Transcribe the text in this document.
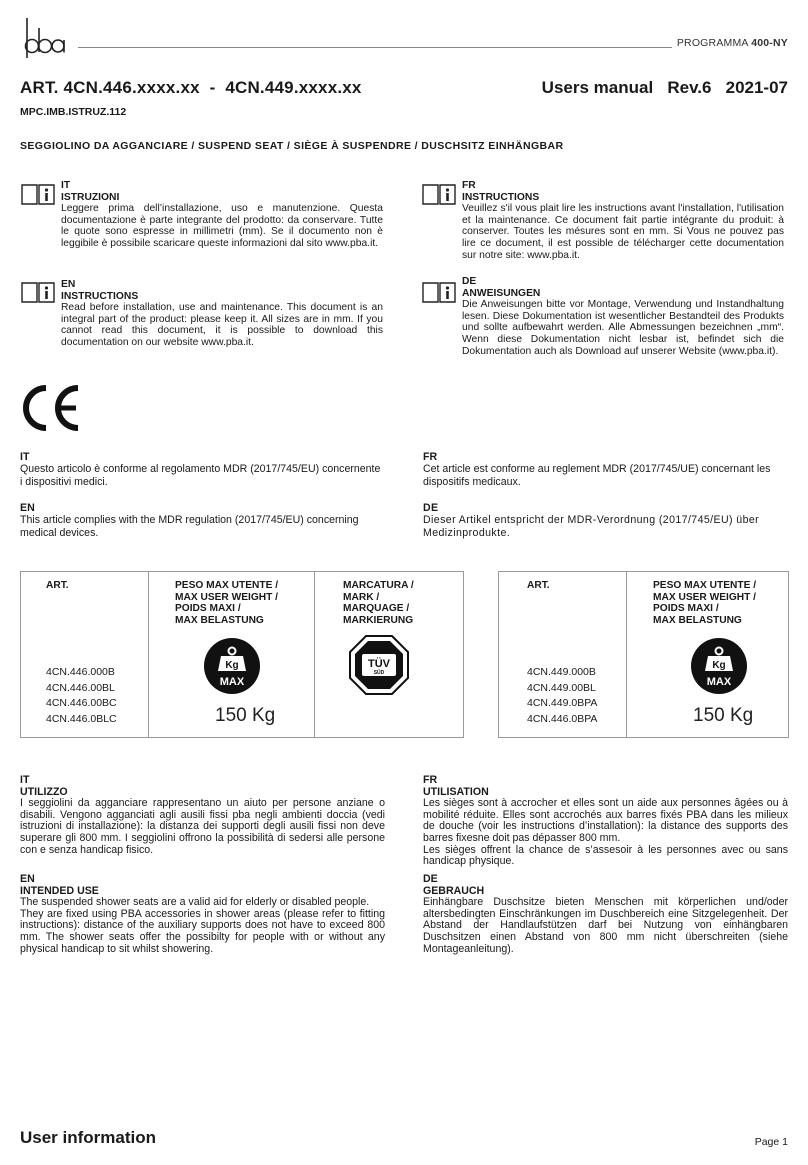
pba
PROGRAMMA 400-NY
ART. 4CN.446.xxxx.xx  -  4CN.449.xxxx.xx	Users manual   Rev.6   2021-07
MPC.IMB.ISTRUZ.112
SEGGIOLINO DA AGGANCIARE / SUSPEND SEAT / SIÈGE À SUSPENDRE / DUSCHSITZ EINHÄNGBAR
IT
ISTRUZIONI
Leggere prima dell’installazione, uso e manutenzione. Questa documentazione è parte integrante del prodotto: da conservare. Tutte le quote sono espresse in millimetri (mm). Se il documento non è leggibile è possibile scaricare queste informazioni dal sito www.pba.it.
FR
INSTRUCTIONS
Veuillez s'il vous plait lire les instructions avant l'installation, l'utilisation et la maintenance. Ce document fait partie intégrante du produit: à conserver. Toutes les mésures sont en mm. Si Vous ne pouvez pas lire ce document, il est possible de télécharger cette documentation sur notre site: www.pba.it.
EN
INSTRUCTIONS
Read before installation, use and maintenance. This document is an integral part of the product: please keep it. All sizes are in mm. If you cannot read this document, it is possible to download this documentation on our website www.pba.it.
DE
ANWEISUNGEN
Die Anweisungen bitte vor Montage, Verwendung und Instandhaltung lesen. Diese Dokumentation ist wesentlicher Bestandteil des Produkts und sollte aufbewahrt werden. Alle Abmessungen bezeichnen „mm“. Wenn diese Dokumentation nicht lesbar ist, befindet sich die Dokumentation auch als Download auf unserer Website (www.pba.it).
CE
IT
Questo articolo è conforme al regolamento MDR (2017/745/EU) concernente i dispositivi medici.
FR
Cet article est conforme au reglement MDR (2017/745/UE) concernant les dispositifs medicaux.
EN
This article complies with the MDR regulation (2017/745/EU) concerning medical devices.
DE
Dieser Artikel entspricht der MDR-Verordnung (2017/745/EU) über Medizinprodukte.
ART.
4CN.446.000B
4CN.446.00BL
4CN.446.00BC
4CN.446.0BLC
PESO MAX UTENTE /
MAX USER WEIGHT /
POIDS MAXI /
MAX BELASTUNG
Kg
MAX
150 Kg
MARCATURA /
MARK /
MARQUAGE /
MARKIERUNG
TÜV
SÜD
ART.
4CN.449.000B
4CN.449.00BL
4CN.449.0BPA
4CN.446.0BPA
PESO MAX UTENTE /
MAX USER WEIGHT /
POIDS MAXI /
MAX BELASTUNG
Kg
MAX
150 Kg
IT
UTILIZZO
I seggiolini da agganciare rappresentano un aiuto per persone anziane o disabili. Vengono agganciati agli ausili fissi pba negli ambienti doccia (vedi istruzioni di installazione): la distanza dei supporti degli ausili fissi non deve superare gli 800 mm. I seggiolini offrono la possibilità di sedersi alle persone con e senza handicap fisico.
FR
UTILISATION
Les sièges sont à accrocher et elles sont un aide aux personnes âgées ou à mobilité réduite. Elles sont accrochés aux barres fixés PBA dans les milieux de douche (voir les instructions d’installation): la distance des supports des barres fixesne doit pas dépasser 800 mm.
Les sièges offrent la chance de s’assesoir à les personnes avec ou sans handicap physique.
EN
INTENDED USE
The suspended shower seats are a valid aid for elderly or disabled people.
They are fixed using PBA accessories in shower areas (please refer to fitting instructions): distance of the auxiliary supports does not have to exceed 800 mm. The shower seats offer the possibilty for people with or without any physical handicap to sit whilst showering.
DE
GEBRAUCH
Einhängbare Duschsitze bieten Menschen mit körperlichen und/oder altersbedingten Einschränkungen im Duschbereich eine Sitzgelegenheit. Der Abstand der Handlaufstützen darf bei Nutzung von einhängbaren Duschsitzen einen Abstand von 800 mm nicht überschreiten (siehe Montageanleitung).
User information	Page 1
